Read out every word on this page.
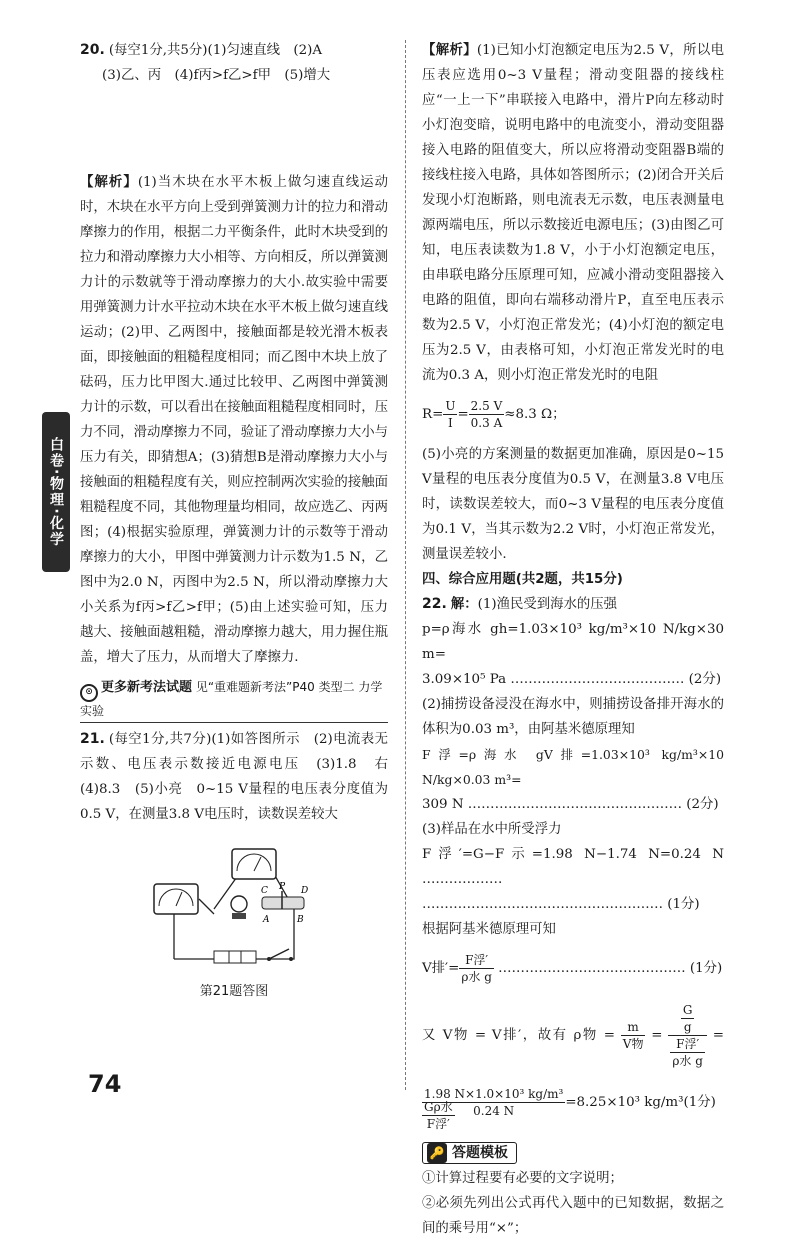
白卷·物理·化学

20. (每空1分,共5分)(1)匀速直线　(2)A

(3)乙、丙　(4)f丙>f乙>f甲　(5)增大

【解析】(1)当木块在水平木板上做匀速直线运动时，木块在水平方向上受到弹簧测力计的拉力和滑动摩擦力的作用，根据二力平衡条件，此时木块受到的拉力和滑动摩擦力大小相等、方向相反，所以弹簧测力计的示数就等于滑动摩擦力的大小.故实验中需要用弹簧测力计水平拉动木块在水平木板上做匀速直线运动；(2)甲、乙两图中，接触面都是较光滑木板表面，即接触面的粗糙程度相同；而乙图中木块上放了砝码，压力比甲图大.通过比较甲、乙两图中弹簧测力计的示数，可以看出在接触面粗糙程度相同时，压力不同，滑动摩擦力不同，验证了滑动摩擦力大小与压力有关，即猜想A；(3)猜想B是滑动摩擦力大小与接触面的粗糙程度有关，则应控制两次实验的接触面粗糙程度不同，其他物理量均相同，故应选乙、丙两图；(4)根据实验原理，弹簧测力计的示数等于滑动摩擦力的大小，甲图中弹簧测力计示数为1.5 N，乙图中为2.0 N，丙图中为2.5 N，所以滑动摩擦力大小关系为f丙>f乙>f甲；(5)由上述实验可知，压力越大、接触面越粗糙，滑动摩擦力越大，用力握住瓶盖，增大了压力，从而增大了摩擦力.

⊙ 更多新考法试题 见“重难题新考法”P40 类型二 力学实验

21. (每空1分,共7分)(1)如答图所示　(2)电流表无示数、电压表示数接近电源电压　(3)1.8　右　(4)8.3　(5)小亮　0~15 V量程的电压表分度值为0.5 V，在测量3.8 V电压时，读数误差较大

C P D
A	B
第21题答图

【解析】(1)已知小灯泡额定电压为2.5 V，所以电压表应选用0~3 V量程；滑动变阻器的接线柱应“一上一下”串联接入电路中，滑片P向左移动时小灯泡变暗，说明电路中的电流变小，滑动变阻器接入电路的阻值变大，所以应将滑动变阻器B端的接线柱接入电路，具体如答图所示；(2)闭合开关后发现小灯泡断路，则电流表无示数，电压表测量电源两端电压，所以示数接近电源电压；(3)由图乙可知，电压表读数为1.8 V，小于小灯泡额定电压，由串联电路分压原理可知，应减小滑动变阻器接入电路的阻值，即向右端移动滑片P，直至电压表示数为2.5 V，小灯泡正常发光；(4)小灯泡的额定电压为2.5 V，由表格可知，小灯泡正常发光时的电流为0.3 A，则小灯泡正常发光时的电阻

$R= \frac{U}{I} = \frac{2.5 V}{0.3 A} \approx 8.3$ Ω；

(5)小亮的方案测量的数据更加准确，原因是0~15 V量程的电压表分度值为0.5 V，在测量3.8 V电压时，读数误差较大，而0~3 V量程的电压表分度值为0.1 V，当其示数为2.2 V时，小灯泡正常发光，测量误差较小.

四、综合应用题(共2题，共15分)

22. 解：(1)渔民受到海水的压强

p=ρ海水 gh=1.03×10³ kg/m³×10 N/kg×30 m=

3.09×10⁵ Pa ………………………………… (2分)

(2)捕捞设备浸没在海水中，则捕捞设备排开海水的体积为0.03 m³，由阿基米德原理知

F浮=ρ海水 gV排=1.03×10³ kg/m³×10 N/kg×0.03 m³=

309 N ………………………………………… (2分)

(3)样品在水中所受浮力

F浮′=G−F示=1.98 N−1.74 N=0.24 N ………………

……………………………………………… (1分)

根据阿基米德原理可知

V排′= $\frac{\text{F浮′}}{\text{ρ水 g}}$ …………………………………… (1分)

又 V物 = V排′，故有 ρ物 = $\frac{m}{\text{V物}} = \frac{\frac{G}{g}}{\frac{\text{F浮′}}{\text{ρ水 g}}}$ =
$\frac{\text{Gρ水}}{\text{F浮′}}$

$\frac{\text{1.98 N×1.0×10³ kg/m³}}{0.24 N} =8.25\times 10^3$ kg/m³(1分)

🔑 答题模板

①计算过程要有必要的文字说明；

②必须先列出公式再代入题中的已知数据，数据之间的乘号用“×”；

74
